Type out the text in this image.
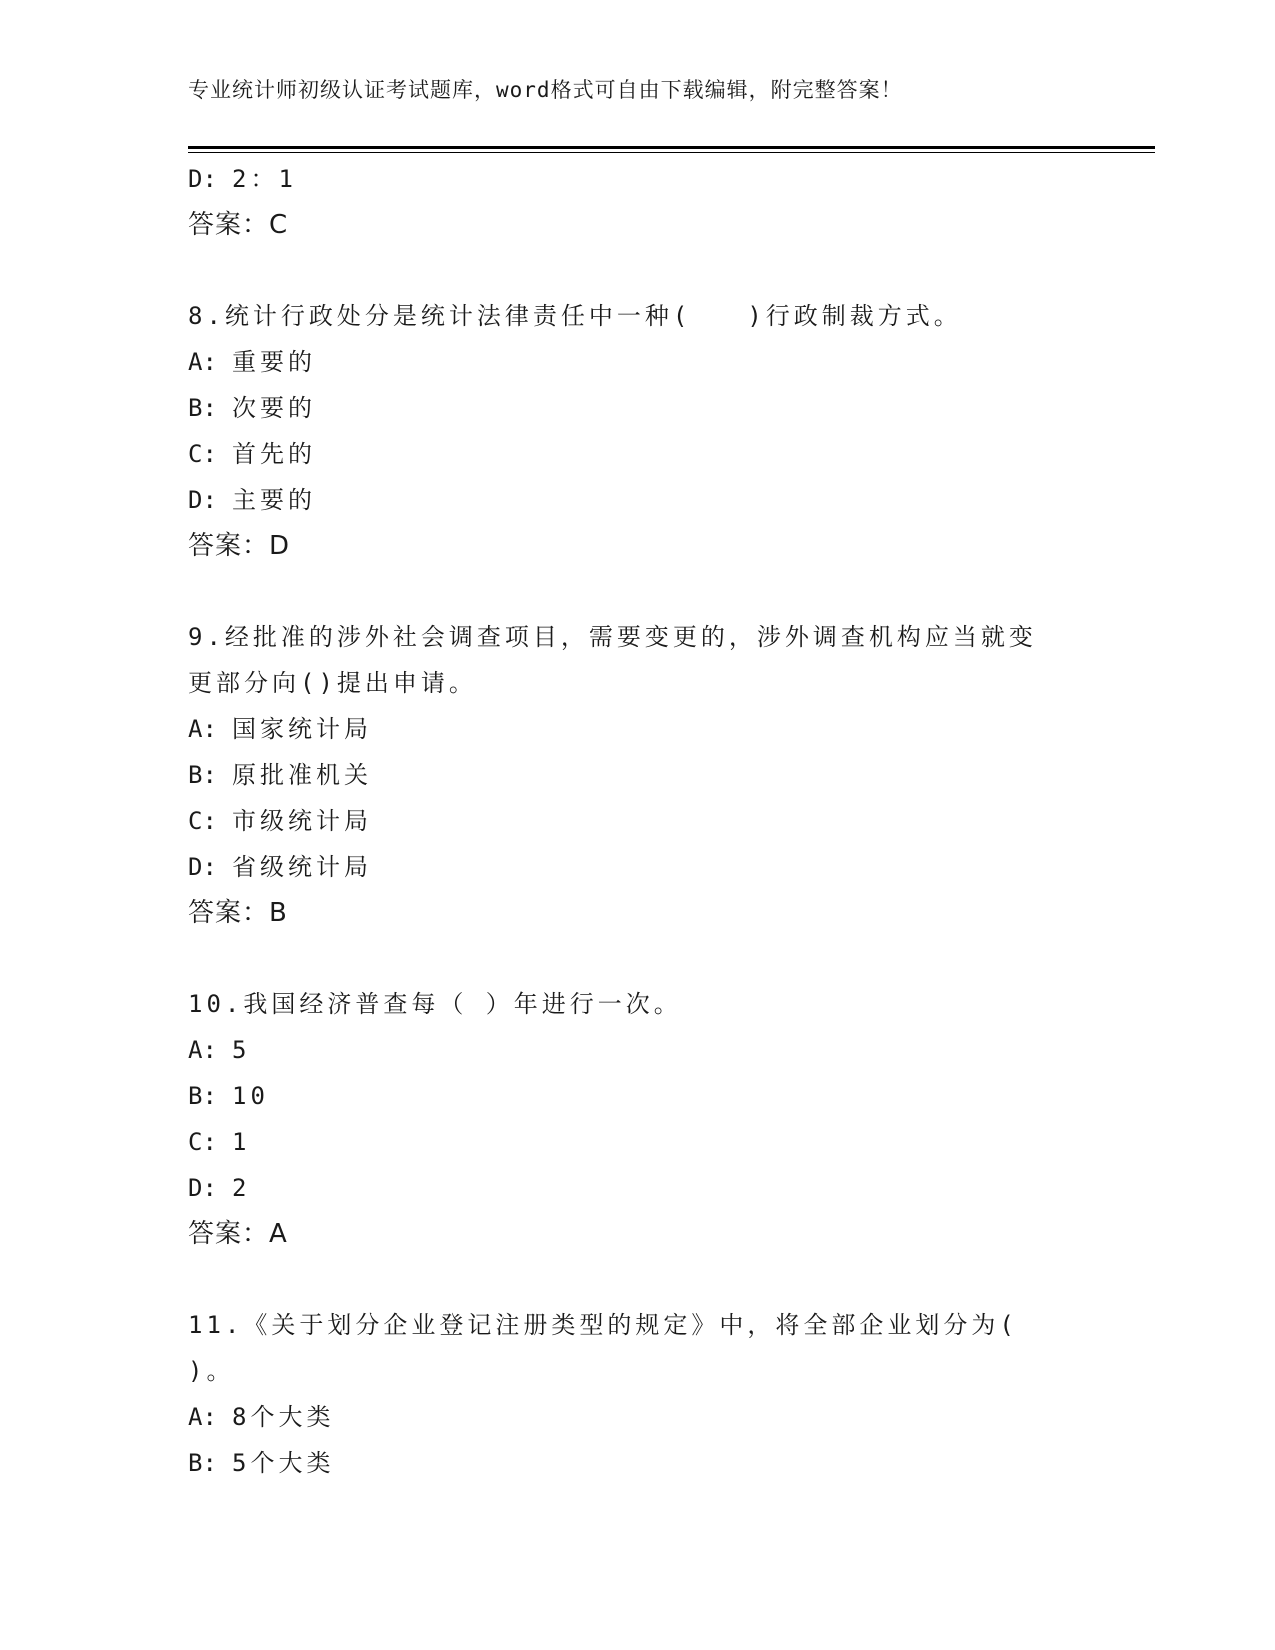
专业统计师初级认证考试题库，word格式可自由下载编辑，附完整答案！
D: 2：1
答案：C
8.统计行政处分是统计法律责任中一种(　　)行政制裁方式。
A: 重要的
B: 次要的
C: 首先的
D: 主要的
答案：D
9.经批准的涉外社会调查项目，需要变更的，涉外调查机构应当就变
更部分向()提出申请。
A: 国家统计局
B: 原批准机关
C: 市级统计局
D: 省级统计局
答案：B
10.我国经济普查每（ ）年进行一次。
A: 5
B: 10
C: 1
D: 2
答案：A
11.《关于划分企业登记注册类型的规定》中，将全部企业划分为(
)。
A: 8个大类
B: 5个大类
